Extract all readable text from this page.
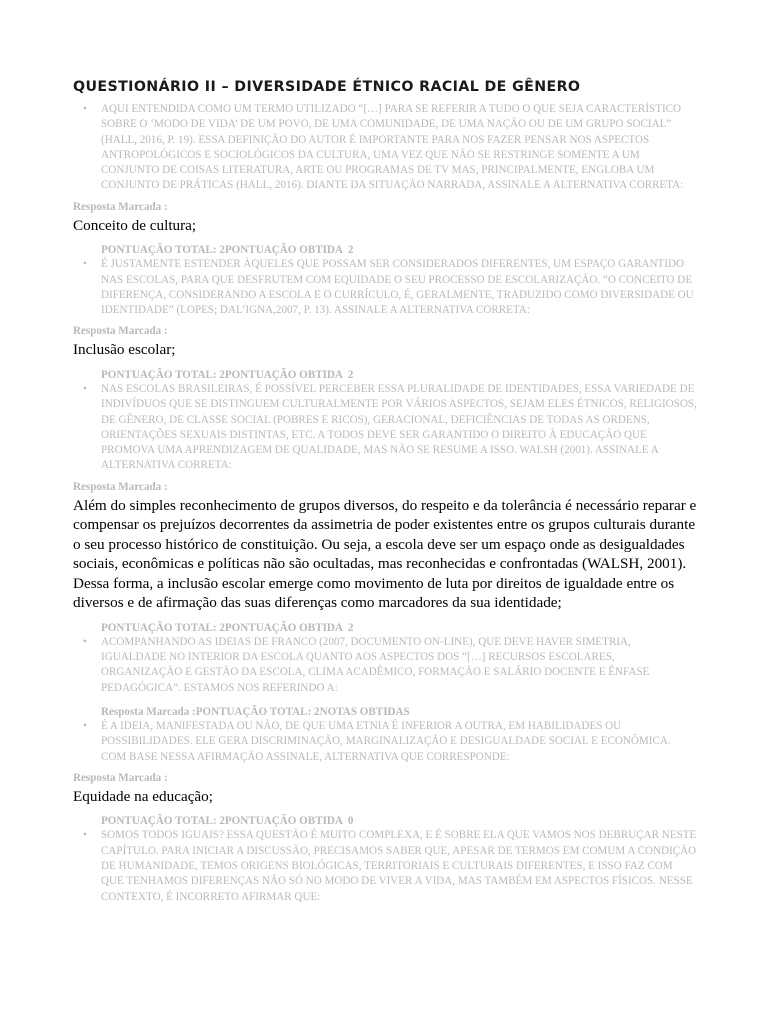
QUESTIONÁRIO II – DIVERSIDADE ÉTNICO RACIAL DE GÊNERO
• AQUI ENTENDIDA COMO UM TERMO UTILIZADO “[…] PARA SE REFERIR A TUDO O QUE SEJA CARACTERÍSTICO SOBRE O ‘MODO DE VIDA’ DE UM POVO, DE UMA COMUNIDADE, DE UMA NAÇÃO OU DE UM GRUPO SOCIAL” (HALL, 2016, P. 19). ESSA DEFINIÇÃO DO AUTOR É IMPORTANTE PARA NOS FAZER PENSAR NOS ASPECTOS ANTROPOLÓGICOS E SOCIOLÓGICOS DA CULTURA, UMA VEZ QUE NÃO SE RESTRINGE SOMENTE A UM CONJUNTO DE COISAS LITERATURA, ARTE OU PROGRAMAS DE TV MAS, PRINCIPALMENTE, ENGLOBA UM CONJUNTO DE PRÁTICAS (HALL, 2016). DIANTE DA SITUAÇÃO NARRADA, ASSINALE A ALTERNATIVA CORRETA:
Resposta Marcada :
Conceito de cultura;
PONTUAÇÃO TOTAL: 2PONTUAÇÃO OBTIDA  2
• É JUSTAMENTE ESTENDER ÀQUELES QUE POSSAM SER CONSIDERADOS DIFERENTES, UM ESPAÇO GARANTIDO NAS ESCOLAS, PARA QUE DESFRUTEM COM EQUIDADE O SEU PROCESSO DE ESCOLARIZAÇÃO. “O CONCEITO DE DIFERENÇA, CONSIDERANDO A ESCOLA E O CURRÍCULO, É, GERALMENTE, TRADUZIDO COMO DIVERSIDADE OU IDENTIDADE” (LOPES; DAL’IGNA,2007, P. 13). ASSINALE A ALTERNATIVA CORRETA:
Resposta Marcada :
Inclusão escolar;
PONTUAÇÃO TOTAL: 2PONTUAÇÃO OBTIDA  2
• NAS ESCOLAS BRASILEIRAS, É POSSÍVEL PERCEBER ESSA PLURALIDADE DE IDENTIDADES, ESSA VARIEDADE DE INDIVÍDUOS QUE SE DISTINGUEM CULTURALMENTE POR VÁRIOS ASPECTOS, SEJAM ELES ÉTNICOS, RELIGIOSOS, DE GÊNERO, DE CLASSE SOCIAL (POBRES E RICOS), GERACIONAL, DEFICIÊNCIAS DE TODAS AS ORDENS, ORIENTAÇÕES SEXUAIS DISTINTAS, ETC. A TODOS DEVE SER GARANTIDO O DIREITO À EDUCAÇÃO QUE PROMOVA UMA APRENDIZAGEM DE QUALIDADE, MAS NÃO SE RESUME A ISSO. WALSH (2001). ASSINALE A ALTERNATIVA CORRETA:
Resposta Marcada :
Além do simples reconhecimento de grupos diversos, do respeito e da tolerância é necessário reparar e compensar os prejuízos decorrentes da assimetria de poder existentes entre os grupos culturais durante o seu processo histórico de constituição. Ou seja, a escola deve ser um espaço onde as desigualdades sociais, econômicas e políticas não são ocultadas, mas reconhecidas e confrontadas (WALSH, 2001). Dessa forma, a inclusão escolar emerge como movimento de luta por direitos de igualdade entre os diversos e de afirmação das suas diferenças como marcadores da sua identidade;
PONTUAÇÃO TOTAL: 2PONTUAÇÃO OBTIDA  2
• ACOMPANHANDO AS IDEIAS DE FRANCO (2007, DOCUMENTO ON-LINE), QUE DEVE HAVER SIMETRIA, IGUALDADE NO INTERIOR DA ESCOLA QUANTO AOS ASPECTOS DOS “[…] RECURSOS ESCOLARES, ORGANIZAÇÃO E GESTÃO DA ESCOLA, CLIMA ACADÊMICO, FORMAÇÃO E SALÁRIO DOCENTE E ÊNFASE PEDAGÓGICA”. ESTAMOS NOS REFERINDO A:
Resposta Marcada :PONTUAÇÃO TOTAL: 2NOTAS OBTIDAS
• É A IDEIA, MANIFESTADA OU NÃO, DE QUE UMA ETNIA É INFERIOR A OUTRA, EM HABILIDADES OU POSSIBILIDADES. ELE GERA DISCRIMINAÇÃO, MARGINALIZAÇÃO E DESIGUALDADE SOCIAL E ECONÔMICA. COM BASE NESSA AFIRMAÇÃO ASSINALE, ALTERNATIVA QUE CORRESPONDE:
Resposta Marcada :
Equidade na educação;
PONTUAÇÃO TOTAL: 2PONTUAÇÃO OBTIDA  0
• SOMOS TODOS IGUAIS? ESSA QUESTÃO É MUITO COMPLEXA, E É SOBRE ELA QUE VAMOS NOS DEBRUÇAR NESTE CAPÍTULO. PARA INICIAR A DISCUSSÃO, PRECISAMOS SABER QUE, APESAR DE TERMOS EM COMUM A CONDIÇÃO DE HUMANIDADE, TEMOS ORIGENS BIOLÓGICAS, TERRITORIAIS E CULTURAIS DIFERENTES, E ISSO FAZ COM QUE TENHAMOS DIFERENÇAS NÃO SÓ NO MODO DE VIVER A VIDA, MAS TAMBÉM EM ASPECTOS FÍSICOS. NESSE CONTEXTO, É INCORRETO AFIRMAR QUE:
